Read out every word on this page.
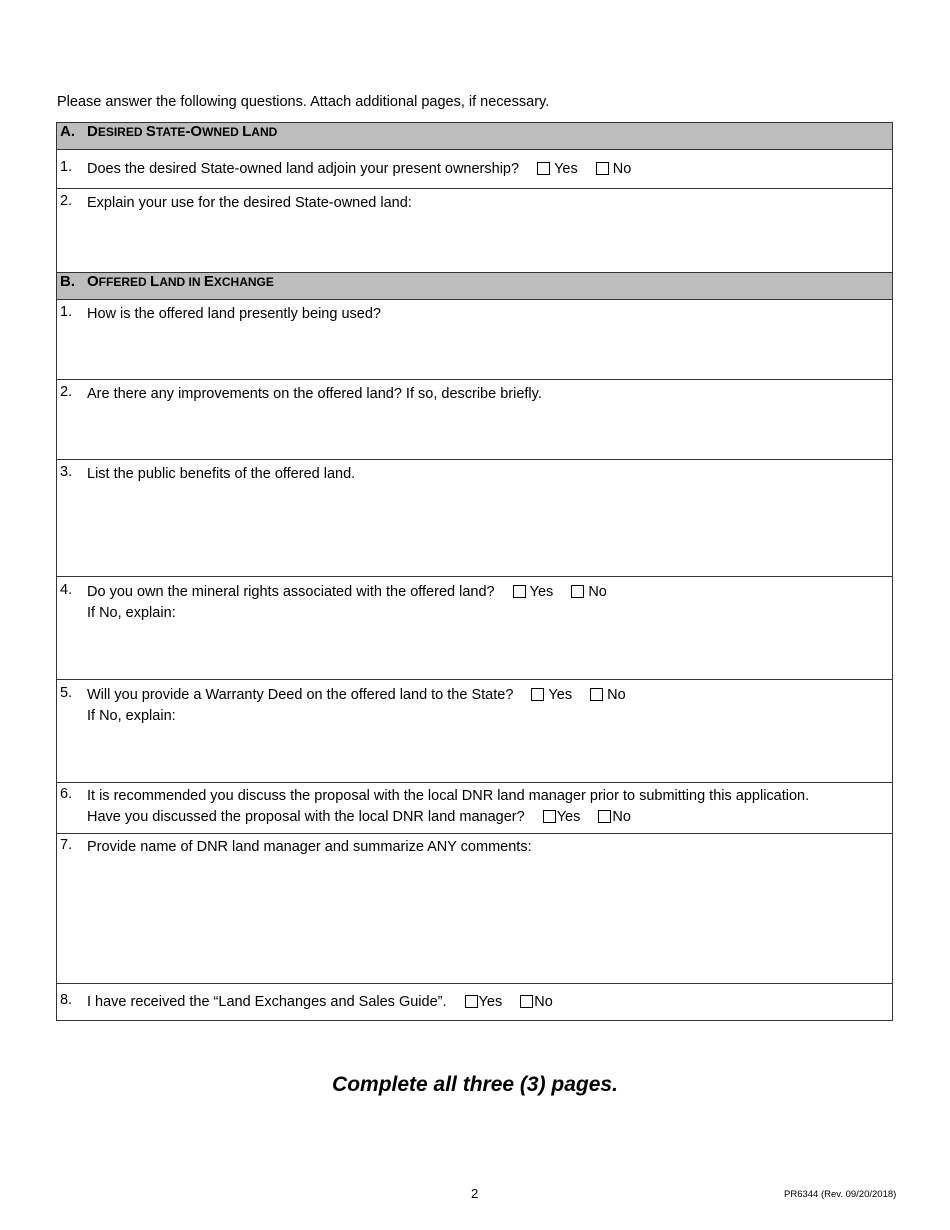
Please answer the following questions. Attach additional pages, if necessary.
A. DESIRED STATE-OWNED LAND

1. Does the desired State-owned land adjoin your present ownership? Yes No

2. Explain your use for the desired State-owned land:

B. OFFERED LAND IN EXCHANGE

1. How is the offered land presently being used?

2. Are there any improvements on the offered land? If so, describe briefly.

3. List the public benefits of the offered land.

4. Do you own the mineral rights associated with the offered land? Yes No
If No, explain:

5. Will you provide a Warranty Deed on the offered land to the State? Yes No
If No, explain:

6. It is recommended you discuss the proposal with the local DNR land manager prior to submitting this application.
Have you discussed the proposal with the local DNR land manager? Yes No

7. Provide name of DNR land manager and summarize ANY comments:

8. I have received the “Land Exchanges and Sales Guide”. Yes No
Complete all three (3) pages.
2	PR6344 (Rev. 09/20/2018)
